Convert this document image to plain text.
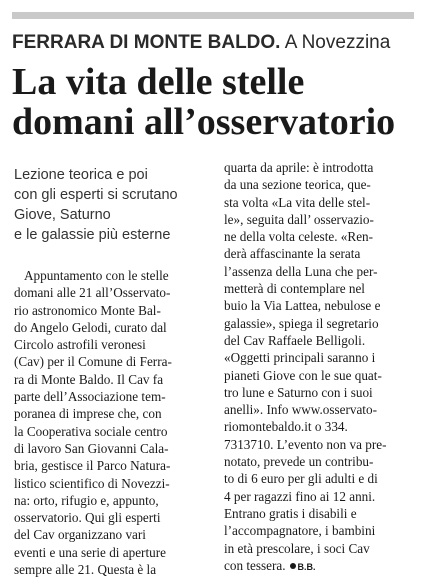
FERRARA DI MONTE BALDO. A Novezzina
La vita delle stelle
domani all’osservatorio
Lezione teorica e poi
con gli esperti si scrutano
Giove, Saturno
e le galassie più esterne
Appuntamento con le stelle
domani alle 21 all’Osservato-
rio astronomico Monte Bal-
do Angelo Gelodi, curato dal
Circolo astrofili veronesi
(Cav) per il Comune di Ferra-
ra di Monte Baldo. Il Cav fa
parte dell’Associazione tem-
poranea di imprese che, con
la Cooperativa sociale centro
di lavoro San Giovanni Cala-
bria, gestisce il Parco Natura-
listico scientifico di Novezzi-
na: orto, rifugio e, appunto,
osservatorio. Qui gli esperti
del Cav organizzano vari
eventi e una serie di aperture
sempre alle 21. Questa è la
quarta da aprile: è introdotta
da una sezione teorica, que-
sta volta «La vita delle stel-
le», seguita dall’ osservazio-
ne della volta celeste. «Ren-
derà affascinante la serata
l’assenza della Luna che per-
metterà di contemplare nel
buio la Via Lattea, nebulose e
galassie», spiega il segretario
del Cav Raffaele Belligoli.
«Oggetti principali saranno i
pianeti Giove con le sue quat-
tro lune e Saturno con i suoi
anelli». Info www.osservato-
riomontebaldo.it o 334.
7313710. L’evento non va pre-
notato, prevede un contribu-
to di 6 euro per gli adulti e di
4 per ragazzi fino ai 12 anni.
Entrano gratis i disabili e
l’accompagnatore, i bambini
in età prescolare, i soci Cav
con tessera. B.B.
